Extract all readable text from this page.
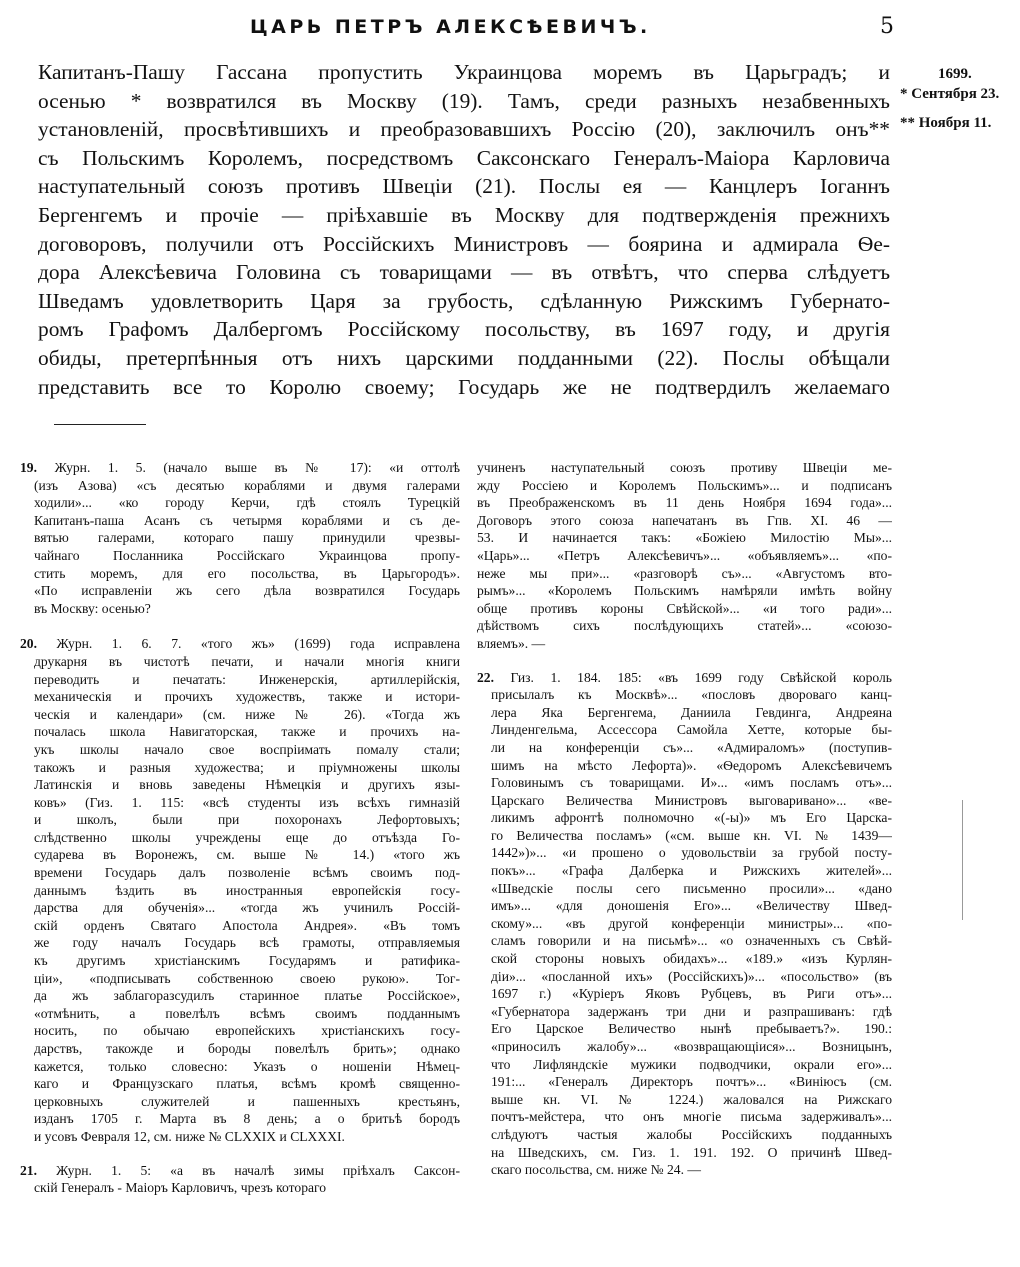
ЦАРЬ ПЕТРЪ АЛЕКСѢЕВИЧЪ.	5
Капитанъ-Пашу Гассана пропустить Украинцова моремъ въ Царьградъ; и
осенью * возвратился въ Москву (19). Тамъ, среди разныхъ незабвенныхъ
установленiй, просвѣтившихъ и преобразовавшихъ Россiю (20), заключилъ онъ**
съ Польскимъ Королемъ, посредствомъ Саксонскаго Генералъ-Маiора Карловича
наступательный союзъ противъ Швецiи (21). Послы ея — Канцлеръ Iоганнъ
Бергенгемъ и прочiе — прiѣхавшiе въ Москву для подтвержденiя прежнихъ
договоровъ, получили отъ Россiйскихъ Министровъ — боярина и адмирала Ѳе-
дора Алексѣевича Головина съ товарищами — въ отвѣтъ, что сперва слѣдуетъ
Шведамъ удовлетворить Царя за грубость, сдѣланную Рижскимъ Губернато-
ромъ Графомъ Далбергомъ Россiйскому посольству, въ 1697 году, и другiя
обиды, претерпѣнныя отъ нихъ царскими подданными (22). Послы обѣщали
представить все то Королю своему; Государь же не подтвердилъ желаемаго
1699.
* Сентября 23.
** Ноября 11.
19. Журн. 1. 5. (начало выше въ № 17): «и оттолѣ
(изъ Азова) «съ десятью кораблями и двумя галерами
ходили»... «ко городу Керчи, гдѣ стоялъ Турецкiй
Капитанъ-паша Асанъ съ четырмя кораблями и съ де-
вятью галерами, котораго пашу принудили чрезвы-
чайнаго Посланника Россiйскаго Украинцова пропу-
стить моремъ, для его посольства, въ Царьгородъ».
«По исправленiи жъ сего дѣла возвратился Государь
въ Москву: осенью?
20. Журн. 1. 6. 7. «того жъ» (1699) года исправлена
друкарня въ чистотѣ печати, и начали многiя книги
переводить и печатать: Инженерскiя, артиллерiйскiя,
механическiя и прочихъ художествъ, также и истори-
ческiя и календари» (см. ниже № 26). «Тогда жъ
почалась школа Навигаторская, также и прочихъ на-
укъ школы начало свое воспрiимать помалу стали;
такожъ и разныя художества; и прiумножены школы
Латинскiя и вновь заведены Нѣмецкiя и другихъ язы-
ковъ» (Гиз. 1. 115: «всѣ студенты изъ всѣхъ гимназiй
и школъ, были при похоронахъ Лефортовыхъ;
слѣдственно школы учреждены еще до отъѣзда Го-
сударева въ Воронежъ, см. выше № 14.) «того жъ
времени Государь далъ позволенiе всѣмъ своимъ под-
даннымъ ѣздить въ иностранныя европейскiя госу-
дарства для обученiя»... «тогда жъ учинилъ Россiй-
скiй орденъ Святаго Апостола Андрея». «Въ томъ
же году началъ Государь всѣ грамоты, отправляемыя
къ другимъ христiанскимъ Государямъ и ратифика-
цiи», «подписывать собственною своею рукою». Тог-
да жъ заблагоразсудилъ старинное платье Россiйское»,
«отмѣнить, а повелѣлъ всѣмъ своимъ подданнымъ
носить, по обычаю европейскихъ христiанскихъ госу-
дарствъ, такожде и бороды повелѣлъ брить»; однако
кажется, только словесно: Указъ о ношенiи Нѣмец-
каго и Французскаго платья, всѣмъ кромѣ священно-
церковныхъ служителей и пашенныхъ крестьянъ,
изданъ 1705 г. Марта въ 8 день; а о бритьѣ бородъ
и усовъ Февраля 12, см. ниже № CLXXIX и CLXXXI.
21. Журн. 1. 5: «а въ началѣ зимы прiѣхалъ Саксон-
скiй Генералъ - Маiоръ Карловичъ, чрезъ котораго
учиненъ наступательный союзъ противу Швецiи ме-
жду Россiею и Королемъ Польскимъ»... и подписанъ
въ Преображенскомъ въ 11 день Ноября 1694 года»...
Договоръ этого союза напечатанъ въ Гпв. XI. 46 —
53. И начинается такъ: «Божiею Милостiю Мы»...
«Царь»... «Петръ Алексѣевичъ»... «объявляемъ»... «по-
неже мы при»... «разговорѣ съ»... «Августомъ вто-
рымъ»... «Королемъ Польскимъ намѣряли имѣть войну
обще противъ короны Свѣйской»... «и того ради»...
дѣйствомъ сихъ послѣдующихъ статей»... «союзо-
вляемъ». —
22. Гиз. 1. 184. 185: «въ 1699 году Свѣйской король
присылалъ къ Москвѣ»... «пословъ двороваго канц-
лера Яка Бергенгема, Даниила Гевдинга, Андреяна
Линденгельма, Ассессора Самойла Хетте, которые бы-
ли на конференцiи съ»... «Адмираломъ» (поступив-
шимъ на мѣсто Лефорта)». «Ѳедоромъ Алексѣевичемъ
Головинымъ съ товарищами. И»... «имъ посламъ отъ»...
Царскаго Величества Министровъ выговаривано»... «ве-
ликимъ афронтѣ полномочно «(-ы)» мъ Его Царска-
го Величества посламъ» («см. выше кн. VI. № 1439—
1442»)»... «и прошено о удовольствiи за грубой посту-
покъ»... «Графа Далберка и Рижскихъ жителей»...
«Шведскiе послы сего письменно просили»... «дано
имъ»... «для доношенiя Его»... «Величеству Швед-
скому»... «въ другой конференцiи министры»... «по-
сламъ говорили и на письмѣ»... «о означенныхъ съ Свѣй-
ской стороны новыхъ обидахъ»... «189.» «изъ Курлян-
дiи»... «посланной ихъ» (Россiйскихъ)»... «посольство» (въ
1697 г.) «Курiеръ Яковъ Рубцевъ, въ Риги отъ»...
«Губернатора задержанъ три дни и разпрашиванъ: гдѣ
Его Царское Величество нынѣ пребываетъ?». 190.:
«приносилъ жалобу»... «возвращающiися»... Возницынъ,
что Лифляндскiе мужики подводчики, окрали его»...
191:... «Генералъ Директоръ почтъ»... «Винiюсъ (см.
выше кн. VI. № 1224.) жаловался на Рижскаго
почтъ-мейстера, что онъ многiе письма задерживалъ»...
слѣдуютъ частыя жалобы Россiйскихъ подданныхъ
на Шведскихъ, см. Гиз. 1. 191. 192. О причинѣ Швед-
скаго посольства, см. ниже № 24. —
